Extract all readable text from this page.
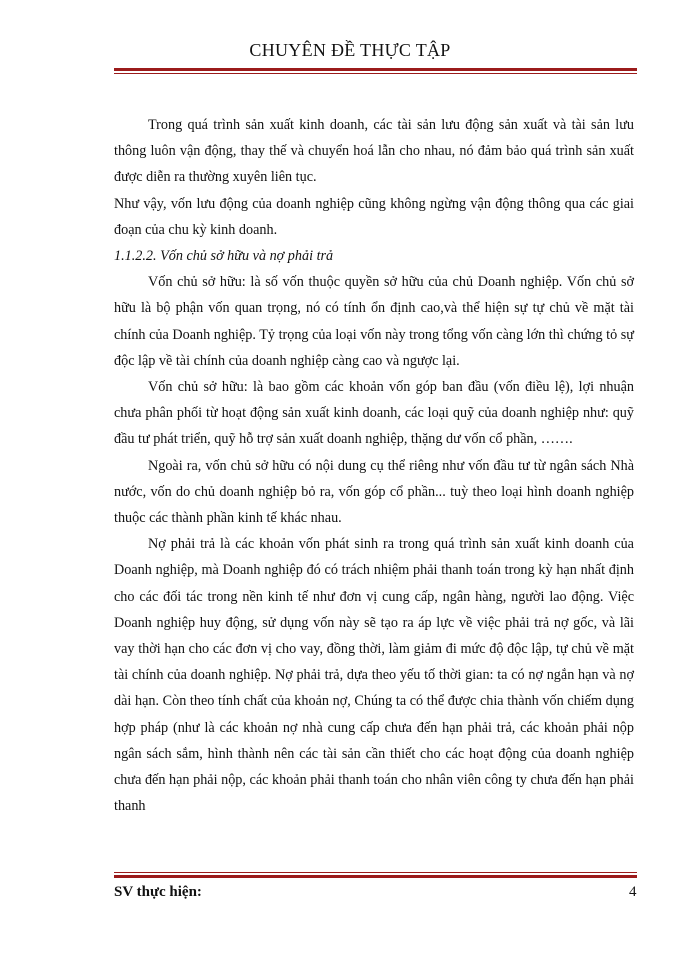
CHUYÊN ĐỀ THỰC TẬP

Trong quá trình sản xuất kinh doanh, các tài sản lưu động sản xuất và tài sản lưu thông luôn vận động, thay thế và chuyển hoá lẫn cho nhau, nó đảm bảo quá trình sản xuất được diễn ra thường xuyên liên tục.

Như vậy, vốn lưu động của doanh nghiệp cũng không ngừng vận động thông qua các giai đoạn của chu kỳ kinh doanh.

1.1.2.2. Vốn chủ sở hữu và nợ phải trả

Vốn chủ sở hữu: là số vốn thuộc quyền sở hữu của chủ Doanh nghiệp. Vốn chủ sở hữu là bộ phận vốn quan trọng, nó có tính ổn định cao,và thể hiện sự tự chủ về mặt tài chính của Doanh nghiệp. Tỷ trọng của loại vốn này trong tổng vốn càng lớn thì chứng tỏ sự độc lập về tài chính của doanh nghiệp càng cao và ngược lại.

Vốn chủ sở hữu: là bao gồm các khoản vốn góp ban đầu (vốn điều lệ), lợi nhuận chưa phân phối từ hoạt động sản xuất kinh doanh, các loại quỹ của doanh nghiệp như: quỹ đầu tư phát triển, quỹ hỗ trợ sản xuất doanh nghiệp, thặng dư vốn cổ phần, …….

Ngoài ra, vốn chủ sở hữu có nội dung cụ thể riêng như vốn đầu tư từ ngân sách Nhà nước, vốn do chủ doanh nghiệp bỏ ra, vốn góp cổ phần... tuỳ theo loại hình doanh nghiệp thuộc các thành phần kinh tế khác nhau.

Nợ phải trả là các khoản vốn phát sinh ra trong quá trình sản xuất kinh doanh của Doanh nghiệp, mà Doanh nghiệp đó có trách nhiệm phải thanh toán trong kỳ hạn nhất định cho các đối tác trong nền kinh tế như đơn vị cung cấp, ngân hàng, người lao động. Việc Doanh nghiệp huy động, sử dụng vốn này sẽ tạo ra áp lực về việc phải trả nợ gốc, và lãi vay thời hạn cho các đơn vị cho vay, đồng thời, làm giảm đi mức độ độc lập, tự chủ về mặt tài chính của doanh nghiệp. Nợ phải trả, dựa theo yếu tố thời gian: ta có nợ ngắn hạn và nợ dài hạn. Còn theo tính chất của khoản nợ, Chúng ta có thể được chia thành vốn chiếm dụng hợp pháp (như là các khoản nợ nhà cung cấp chưa đến hạn phải trả, các khoản phải nộp ngân sách sắm, hình thành nên các tài sản cần thiết cho các hoạt động của doanh nghiệp chưa đến hạn phải nộp, các khoản phải thanh toán cho nhân viên công ty chưa đến hạn phải thanh

SV thực hiện:	4
